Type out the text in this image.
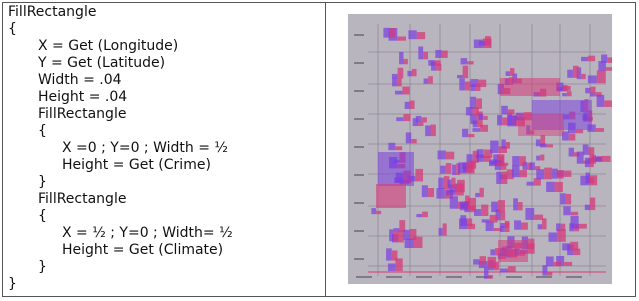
FillRectangle
{
X = Get (Longitude)
Y = Get (Latitude)
Width = .04
Height = .04
FillRectangle
{
X =0 ; Y=0 ; Width = ½
Height = Get (Crime)
}
FillRectangle
{
X = ½ ; Y=0 ; Width= ½
Height = Get (Climate)
}
}
